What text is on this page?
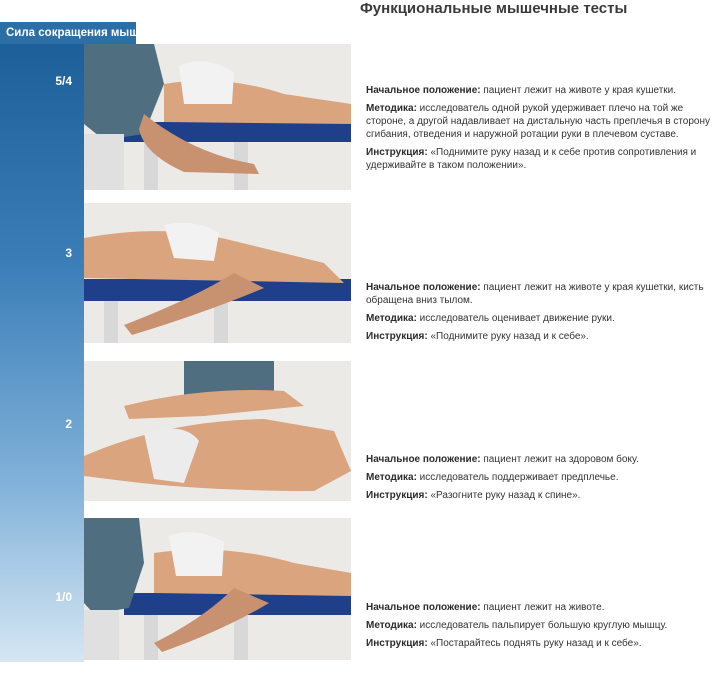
Сила сокращения мышц
5/4
3
2
1/0
Функциональные мышечные тесты

Начальное положение: пациент лежит на животе у края кушетки.

Методика: исследователь одной рукой удерживает плечо на той же стороне, а другой надавливает на дистальную часть преплечья в сторону сгибания, отведения и наружной ротации руки в плечевом суставе.

Инструкция: «Поднимите руку назад и к себе против сопротивления и удерживайте в таком положении».

Начальное положение: пациент лежит на животе у края кушетки, кисть обращена вниз тылом.

Методика: исследователь оценивает движение руки.

Инструкция: «Поднимите руку назад и к себе».

Начальное положение: пациент лежит на здоровом боку.

Методика: исследователь поддерживает предплечье.

Инструкция: «Разогните руку назад к спине».

Начальное положение: пациент лежит на животе.

Методика: исследователь пальпирует большую круглую мышцу.

Инструкция: «Постарайтесь поднять руку назад и к себе».
